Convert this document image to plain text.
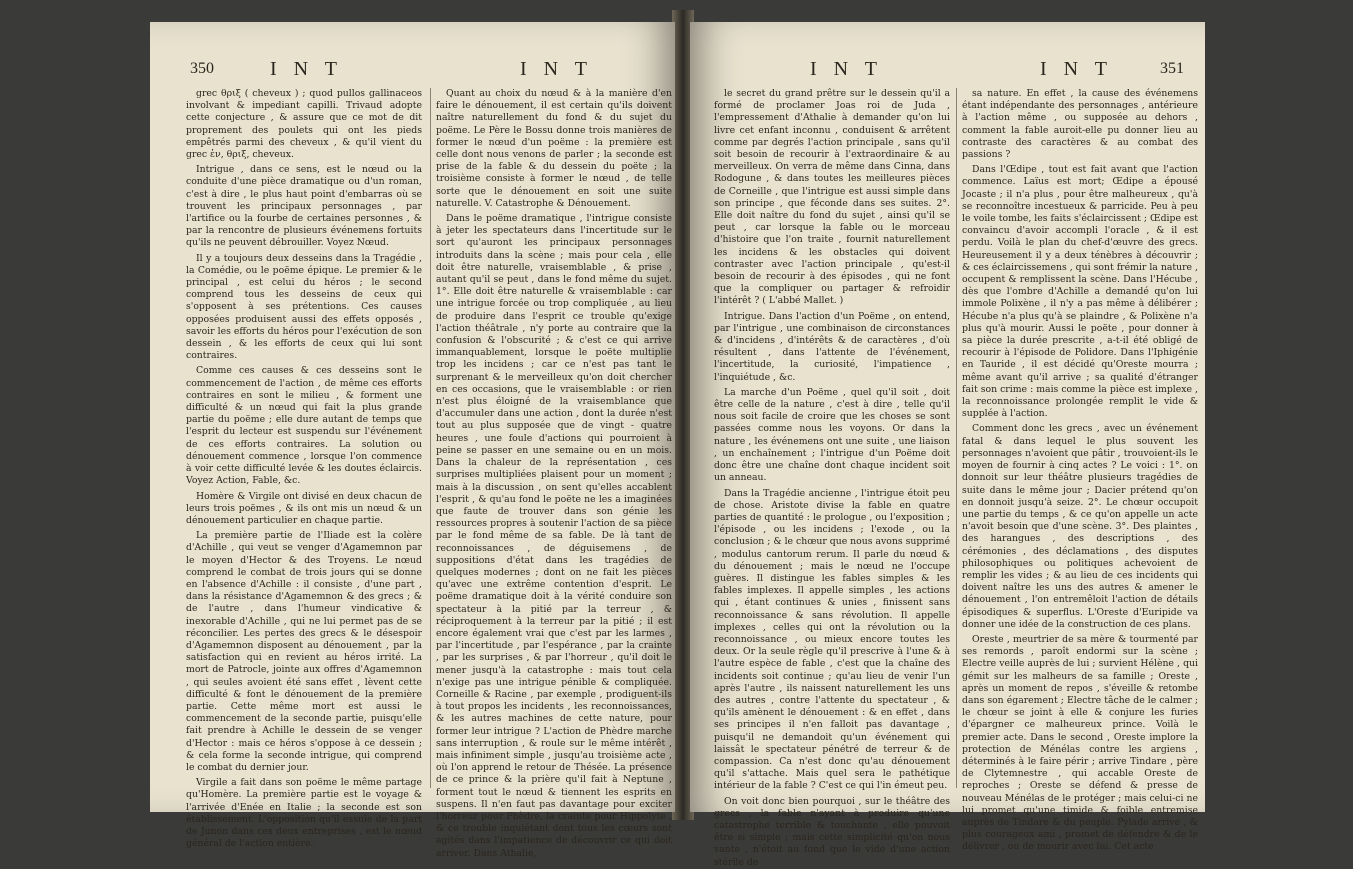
350	I N T	I N T

grec θριξ ( cheveux ) ; quod pullos gallinaceos involvant & impediant capilli. Trivaud adopte cette conjecture , & assure que ce mot de dit proprement des poulets qui ont les pieds empêtrés parmi des cheveux , & qu'il vient du grec ἐν, θριξ, cheveux.

Intrigue , dans ce sens, est le nœud ou la conduite d'une pièce dramatique ou d'un roman, c'est à dire , le plus haut point d'embarras où se trouvent les principaux personnages , par l'artifice ou la fourbe de certaines personnes , & par la rencontre de plusieurs événemens fortuits qu'ils ne peuvent débrouiller. Voyez Nœud.

Il y a toujours deux desseins dans la Tragédie , la Comédie, ou le poëme épique. Le premier & le principal , est celui du héros ; le second comprend tous les desseins de ceux qui s'opposent à ses prétentions. Ces causes opposées produisent aussi des effets opposés , savoir les efforts du héros pour l'exécution de son dessein , & les efforts de ceux qui lui sont contraires.

Comme ces causes & ces desseins sont le commencement de l'action , de même ces efforts contraires en sont le milieu , & forment une difficulté & un nœud qui fait la plus grande partie du poëme ; elle dure autant de temps que l'esprit du lecteur est suspendu sur l'événement de ces efforts contraires. La solution ou dénouement commence , lorsque l'on commence à voir cette difficulté levée & les doutes éclaircis. Voyez Action, Fable, &c.

Homère & Virgile ont divisé en deux chacun de leurs trois poëmes , & ils ont mis un nœud & un dénouement particulier en chaque partie.

La première partie de l'Iliade est la colère d'Achille , qui veut se venger d'Agamemnon par le moyen d'Hector & des Troyens. Le nœud comprend le combat de trois jours qui se donne en l'absence d'Achille : il consiste , d'une part , dans la résistance d'Agamemnon & des grecs ; & de l'autre , dans l'humeur vindicative & inexorable d'Achille , qui ne lui permet pas de se réconcilier. Les pertes des grecs & le désespoir d'Agamemnon disposent au dénouement , par la satisfaction qui en revient au héros irrité. La mort de Patrocle, jointe aux offres d'Agamemnon , qui seules avoient été sans effet , lèvent cette difficulté & font le dénouement de la première partie. Cette même mort est aussi le commencement de la seconde partie, puisqu'elle fait prendre à Achille le dessein de se venger d'Hector : mais ce héros s'oppose à ce dessein ; & cela forme la seconde intrigue, qui comprend le combat du dernier jour.

Virgile a fait dans son poëme le même partage qu'Homère. La première partie est le voyage & l'arrivée d'Enée en Italie ; la seconde est son établissement. L'opposition qu'il essuie de la part de Junon dans ces deux entreprises , est le nœud général de l'action entière.

Quant au choix du nœud & à la manière d'en faire le dénouement, il est certain qu'ils doivent naître naturellement du fond & du sujet du poëme. Le Père le Bossu donne trois manières de former le nœud d'un poëme : la première est celle dont nous venons de parler ; la seconde est prise de la fable & du dessein du poëte ; la troisième consiste à former le nœud , de telle sorte que le dénouement en soit une suite naturelle. V. Catastrophe & Dénouement.

Dans le poëme dramatique , l'intrigue consiste à jeter les spectateurs dans l'incertitude sur le sort qu'auront les principaux personnages introduits dans la scène ; mais pour cela , elle doit être naturelle, vraisemblable , & prise , autant qu'il se peut , dans le fond même du sujet. 1°. Elle doit être naturelle & vraisemblable : car une intrigue forcée ou trop compliquée , au lieu de produire dans l'esprit ce trouble qu'exige l'action théâtrale , n'y porte au contraire que la confusion & l'obscurité ; & c'est ce qui arrive immanquablement, lorsque le poëte multiplie trop les incidens ; car ce n'est pas tant le surprenant & le merveilleux qu'on doit chercher en ces occasions, que le vraisemblable : or rien n'est plus éloigné de la vraisemblance que d'accumuler dans une action , dont la durée n'est tout au plus supposée que de vingt - quatre heures , une foule d'actions qui pourroient à peine se passer en une semaine ou en un mois. Dans la chaleur de la représentation , ces surprises multipliées plaisent pour un moment ; mais à la discussion , on sent qu'elles accablent l'esprit , & qu'au fond le poëte ne les a imaginées que faute de trouver dans son génie les ressources propres à soutenir l'action de sa pièce par le fond même de sa fable. De là tant de reconnoissances , de déguisemens , de suppositions d'état dans les tragédies de quelques modernes ; dont on ne fait les pièces qu'avec une extrême contention d'esprit. Le poëme dramatique doit à la vérité conduire son spectateur à la pitié par la terreur , & réciproquement à la terreur par la pitié ; il est encore également vrai que c'est par les larmes , par l'incertitude , par l'espérance , par la crainte , par les surprises , & par l'horreur , qu'il doit le mener jusqu'à la catastrophe : mais tout cela n'exige pas une intrigue pénible & compliquée. Corneille & Racine , par exemple , prodiguent-ils à tout propos les incidents , les reconnoissances, & les autres machines de cette nature, pour former leur intrigue ? L'action de Phèdre marche sans interruption , & roule sur le même intérêt , mais infiniment simple , jusqu'au troisième acte , où l'on apprend le retour de Thésée. La présence de ce prince & la prière qu'il fait à Neptune , forment tout le nœud & tiennent les esprits en suspens. Il n'en faut pas davantage pour exciter l'horreur pour Phèdre, la crainte pour Hippolyte , & ce trouble inquiétant dont tous les cœurs sont agités dans l'impatience de découvrir ce qui doit arriver. Dans Athalie,

I N T	I N T	351

le secret du grand prêtre sur le dessein qu'il a formé de proclamer Joas roi de Juda , l'empressement d'Athalie à demander qu'on lui livre cet enfant inconnu , conduisent & arrêtent comme par degrés l'action principale , sans qu'il soit besoin de recourir à l'extraordinaire & au merveilleux. On verra de même dans Cinna, dans Rodogune , & dans toutes les meilleures pièces de Corneille , que l'intrigue est aussi simple dans son principe , que féconde dans ses suites. 2°. Elle doit naître du fond du sujet , ainsi qu'il se peut , car lorsque la fable ou le morceau d'histoire que l'on traite , fournit naturellement les incidens & les obstacles qui doivent contraster avec l'action principale , qu'est-il besoin de recourir à des épisodes , qui ne font que la compliquer ou partager & refroidir l'intérêt ? ( L'abbé Mallet. )

Intrigue. Dans l'action d'un Poëme , on entend, par l'intrigue , une combinaison de circonstances & d'incidens , d'intérêts & de caractères , d'où résultent , dans l'attente de l'événement, l'incertitude, la curiosité, l'impatience , l'inquiétude , &c.

La marche d'un Poëme , quel qu'il soit , doit être celle de la nature , c'est à dire , telle qu'il nous soit facile de croire que les choses se sont passées comme nous les voyons. Or dans la nature , les événemens ont une suite , une liaison , un enchaînement ; l'intrigue d'un Poëme doit donc être une chaîne dont chaque incident soit un anneau.

Dans la Tragédie ancienne , l'intrigue étoit peu de chose. Aristote divise la fable en quatre parties de quantité : le prologue , ou l'exposition ; l'épisode , ou les incidens ; l'exode , ou la conclusion ; & le chœur que nous avons supprimé , modulus cantorum rerum. Il parle du nœud & du dénouement ; mais le nœud ne l'occupe guères. Il distingue les fables simples & les fables implexes. Il appelle simples , les actions qui , étant continues & unies , finissent sans reconnoissance & sans révolution. Il appelle implexes , celles qui ont la révolution ou la reconnoissance , ou mieux encore toutes les deux. Or la seule règle qu'il prescrive à l'une & à l'autre espèce de fable , c'est que la chaîne des incidents soit continue ; qu'au lieu de venir l'un après l'autre , ils naissent naturellement les uns des autres , contre l'attente du spectateur , & qu'ils amènent le dénouement : & en effet , dans ses principes il n'en falloit pas davantage , puisqu'il ne demandoit qu'un événement qui laissât le spectateur pénétré de terreur & de compassion. Ca n'est donc qu'au dénouement qu'il s'attache. Mais quel sera le pathétique intérieur de la fable ? C'est ce qui l'in émeut peu.

On voit donc bien pourquoi , sur le théâtre des grecs , la fable n'ayant à produire qu'une catastrophe terrible & touchante , elle pouvoit être si simple ; mais cette simplicité qu'on nous vante , n'étoit au fond que le vide d'une action stérile de

sa nature. En effet , la cause des événemens étant indépendante des personnages , antérieure à l'action même , ou supposée au dehors , comment la fable auroit-elle pu donner lieu au contraste des caractères & au combat des passions ?

Dans l'Œdipe , tout est fait avant que l'action commence. Laïus est mort; Œdipe a épousé Jocaste ; il n'a plus , pour être malheureux , qu'à se reconnoître incestueux & parricide. Peu à peu le voile tombe, les faits s'éclaircissent ; Œdipe est convaincu d'avoir accompli l'oracle , & il est perdu. Voilà le plan du chef-d'œuvre des grecs. Heureusement il y a deux ténèbres à découvrir ; & ces éclaircissemens , qui sont frémir la nature , occupent & remplissent la scène. Dans l'Hécube , dès que l'ombre d'Achille a demandé qu'on lui immole Polixène , il n'y a pas même à délibérer ; Hécube n'a plus qu'à se plaindre , & Polixène n'a plus qu'à mourir. Aussi le poëte , pour donner à sa pièce la durée prescrite , a-t-il été obligé de recourir à l'épisode de Polidore. Dans l'Iphigénie en Tauride , il est décidé qu'Oreste mourra ; même avant qu'il arrive ; sa qualité d'étranger fait son crime : mais comme la pièce est implexe , la reconnoissance prolongée remplit le vide & supplée à l'action.

Comment donc les grecs , avec un événement fatal & dans lequel le plus souvent les personnages n'avoient que pâtir , trouvoient-ils le moyen de fournir à cinq actes ? Le voici : 1°. on donnoit sur leur théâtre plusieurs tragédies de suite dans le même jour ; Dacier prétend qu'on en donnoit jusqu'à seize. 2°. Le chœur occupoit une partie du temps , & ce qu'on appelle un acte n'avoit besoin que d'une scène. 3°. Des plaintes , des harangues , des descriptions , des cérémonies , des déclamations , des disputes philosophiques ou politiques achevoient de remplir les vides ; & au lieu de ces incidents qui doivent naître les uns des autres & amener le dénouement , l'on entremêloit l'action de détails épisodiques & superflus. L'Oreste d'Euripide va donner une idée de la construction de ces plans.

Oreste , meurtrier de sa mère & tourmenté par ses remords , paroît endormi sur la scène ; Electre veille auprès de lui ; survient Hélène , qui gémit sur les malheurs de sa famille ; Oreste , après un moment de repos , s'éveille & retombe dans son égarement ; Electre tâche de le calmer ; le chœur se joint à elle & conjure les furies d'épargner ce malheureux prince. Voilà le premier acte. Dans le second , Oreste implore la protection de Ménélas contre les argiens , déterminés à le faire périr ; arrive Tindare , père de Clytemnestre , qui accable Oreste de reproches ; Oreste se défend & presse de nouveau Ménélas de le protéger ; mais celui-ci ne lui promet qu'une timide & foible entremise auprès de Tindare & du peuple. Pylade arrive , & plus courageux ami , promet de défendre & de le délivrer , ou de mourir avec lui. Cet acte
